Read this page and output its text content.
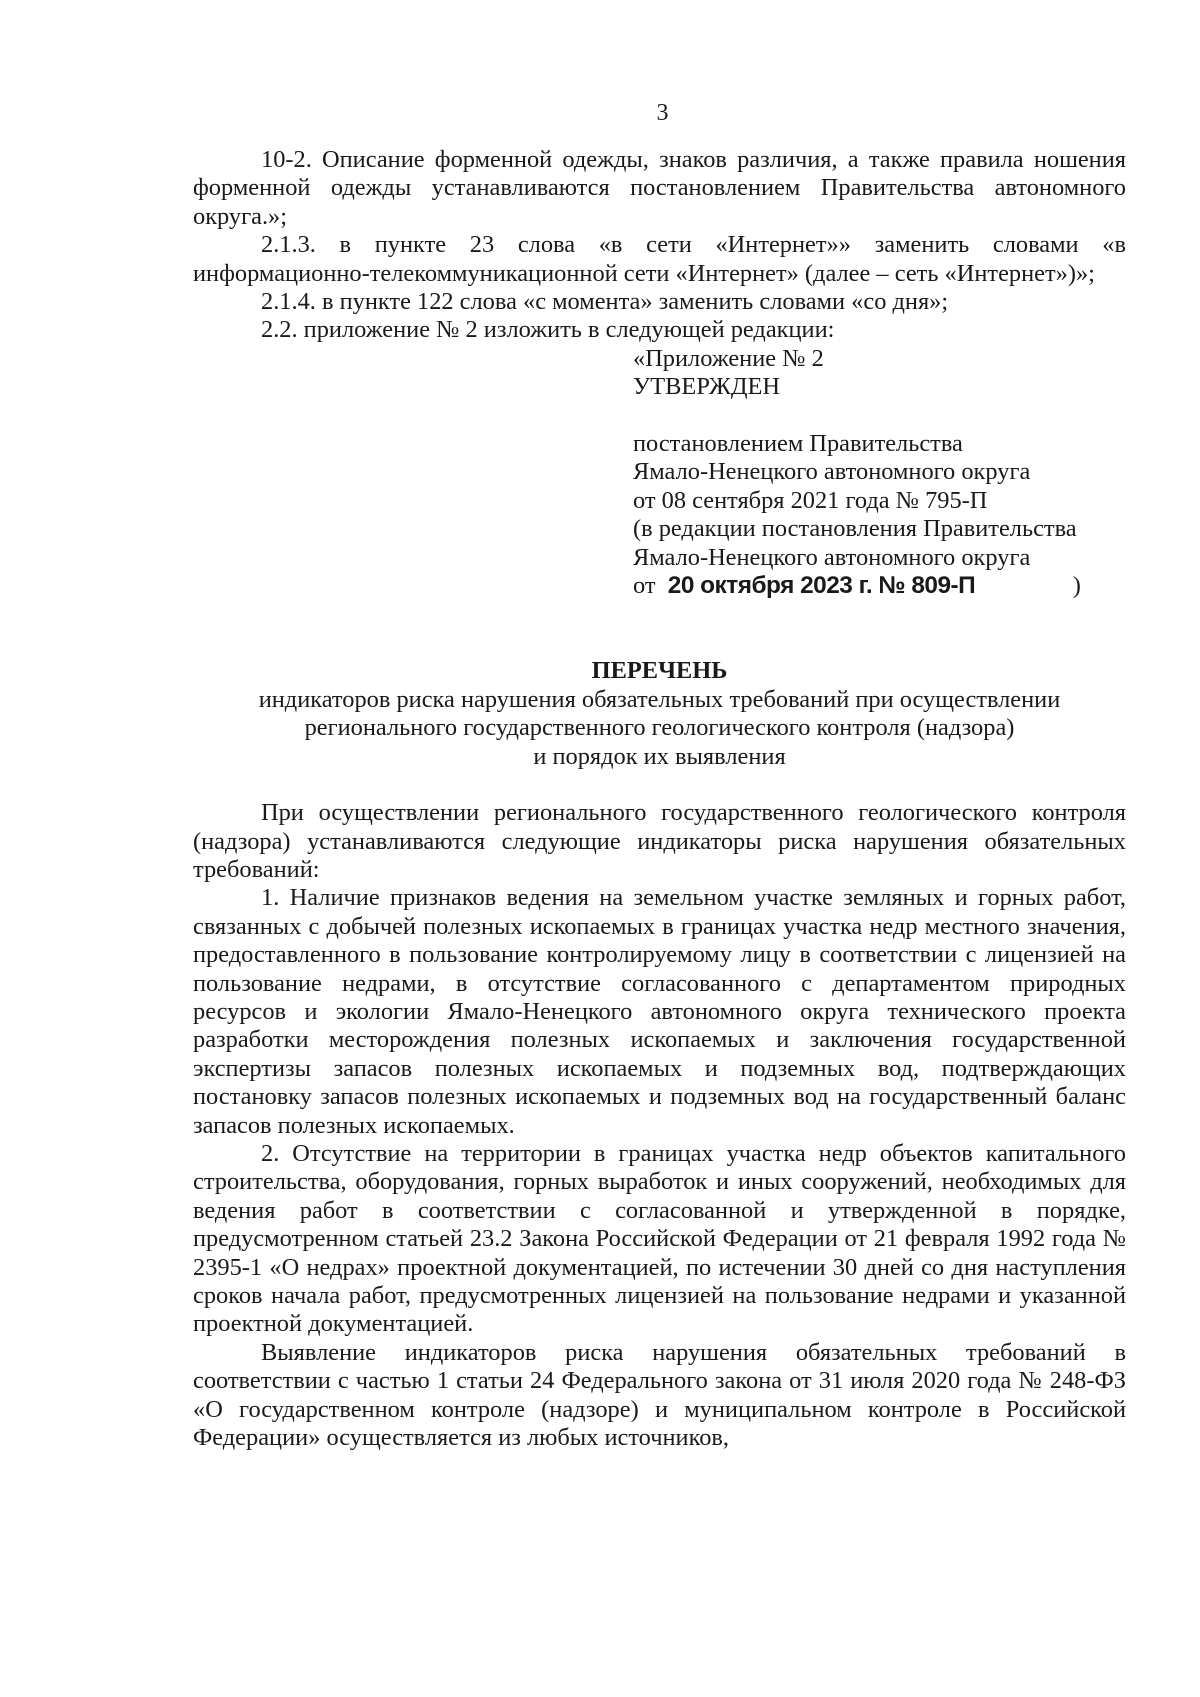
3

10-2. Описание форменной одежды, знаков различия, а также правила ношения форменной одежды устанавливаются постановлением Правительства автономного округа.»;

2.1.3. в пункте 23 слова «в сети «Интернет»» заменить словами «в информационно-телекоммуникационной сети «Интернет» (далее – сеть «Интернет»)»;

2.1.4. в пункте 122 слова «с момента» заменить словами «со дня»;

2.2. приложение № 2 изложить в следующей редакции:

«Приложение № 2
УТВЕРЖДЕН
постановлением Правительства
Ямало-Ненецкого автономного округа
от 08 сентября 2021 года № 795-П
(в редакции постановления Правительства
Ямало-Ненецкого автономного округа
от  20 октября 2023 г. № 809-П	)
ПЕРЕЧЕНЬ
индикаторов риска нарушения обязательных требований при осуществлении
регионального государственного геологического контроля (надзора)
и порядок их выявления

При осуществлении регионального государственного геологического контроля (надзора) устанавливаются следующие индикаторы риска нарушения обязательных требований:

1. Наличие признаков ведения на земельном участке земляных и горных работ, связанных с добычей полезных ископаемых в границах участка недр местного значения, предоставленного в пользование контролируемому лицу в соответствии с лицензией на пользование недрами, в отсутствие согласованного с департаментом природных ресурсов и экологии Ямало-Ненецкого автономного округа технического проекта разработки месторождения полезных ископаемых и заключения государственной экспертизы запасов полезных ископаемых и подземных вод, подтверждающих постановку запасов полезных ископаемых и подземных вод на государственный баланс запасов полезных ископаемых.

2. Отсутствие на территории в границах участка недр объектов капитального строительства, оборудования, горных выработок и иных сооружений, необходимых для ведения работ в соответствии с согласованной и утвержденной в порядке, предусмотренном статьей 23.2 Закона Российской Федерации от 21 февраля 1992 года № 2395-1 «О недрах» проектной документацией, по истечении 30 дней со дня наступления сроков начала работ, предусмотренных лицензией на пользование недрами и указанной проектной документацией.

Выявление индикаторов риска нарушения обязательных требований в соответствии с частью 1 статьи 24 Федерального закона от 31 июля 2020 года № 248-ФЗ «О государственном контроле (надзоре) и муниципальном контроле в Российской Федерации» осуществляется из любых источников,
